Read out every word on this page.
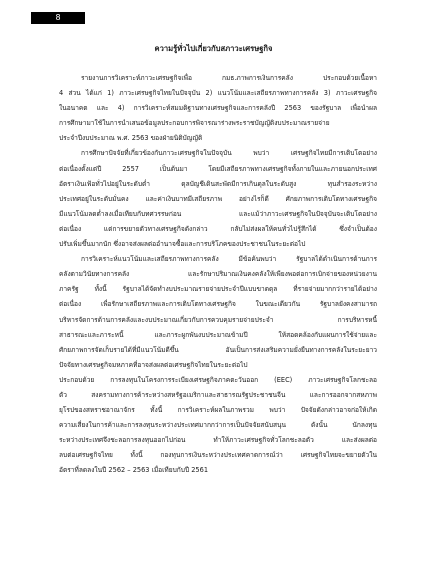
8
ความรู้ทั่วไปเกี่ยวกับสภาวะเศรษฐกิจ
รายงานการวิเคราะห์ภาวะเศรษฐกิจเพื่อ กมธ.ภาพการเงินการคลัง ประกอบด้วยเนื้อหา
4 ส่วน ได้แก่ 1) ภาวะเศรษฐกิจไทยในปัจจุบัน 2) แนวโน้มและเสถียรภาพทางการคลัง 3) ภาวะเศรษฐกิจ
ในอนาคต และ 4) การวิเคราะห์สมมติฐานทางเศรษฐกิจและการคลังปี 2563 ของรัฐบาล เพื่อนำผล
การศึกษามาใช้ในการนำเสนอข้อมูลประกอบการพิจารณาร่างพระราชบัญญัติงบประมาณรายจ่าย
ประจำปีงบประมาณ พ.ศ. 2563 ของฝ่ายนิติบัญญัติ
การศึกษาปัจจัยที่เกี่ยวข้องกับภาวะเศรษฐกิจในปัจจุบัน พบว่า เศรษฐกิจไทยมีการเติบโตอย่าง
ต่อเนื่องตั้งแต่ปี 2557 เป็นต้นมา โดยมีเสถียรภาพทางเศรษฐกิจทั้งภายในและภายนอกประเทศ
อัตราเงินเฟ้อทั่วไปอยู่ในระดับต่ำ ดุลบัญชีเดินสะพัดมีการเกินดุลในระดับสูง ทุนสำรองระหว่าง
ประเทศอยู่ในระดับมั่นคง และค่าเงินบาทมีเสถียรภาพ อย่างไรก็ดี ศักยภาพการเติบโตทางเศรษฐกิจ
มีแนวโน้มลดต่ำลงเมื่อเทียบกับทศวรรษก่อน และแม้ว่าภาวะเศรษฐกิจในปัจจุบันจะเติบโตอย่าง
ต่อเนื่อง แต่การขยายตัวทางเศรษฐกิจดังกล่าว กลับไม่ส่งผลให้คนทั่วไปรู้สึกได้ ซึ่งจำเป็นต้อง
ปรับเพิ่มขึ้นมากนัก ซึ่งอาจส่งผลต่ออำนาจซื้อและการบริโภคของประชาชนในระยะต่อไป
การวิเคราะห์แนวโน้มและเสถียรภาพทางการคลัง มีข้อค้นพบว่า รัฐบาลได้ดำเนินการด้านการ
คลังตามวินัยทางการคลัง และรักษาปริมาณเงินคงคลังให้เพียงพอต่อการเบิกจ่ายของหน่วยงาน
ภาครัฐ ทั้งนี้ รัฐบาลได้จัดทำงบประมาณรายจ่ายประจำปีแบบขาดดุล ที่รายจ่ายมากกว่ารายได้อย่าง
ต่อเนื่อง เพื่อรักษาเสถียรภาพและการเติบโตทางเศรษฐกิจ ในขณะเดียวกัน รัฐบาลยังคงสามารถ
บริหารจัดการด้านการคลังและงบประมาณเกี่ยวกับการควบคุมรายจ่ายประจำ การบริหารหนี้
สาธารณะและภาระหนี้ และภาระผูกพันงบประมาณข้ามปี ให้สอดคล้องกับแผนการใช้จ่ายและ
ศักยภาพการจัดเก็บรายได้ที่มีแนวโน้มดีขึ้น อันเป็นการส่งเสริมความยั่งยืนทางการคลังในระยะยาว
ปัจจัยทางเศรษฐกิจมหภาคที่อาจส่งผลต่อเศรษฐกิจไทยในระยะต่อไป
ประกอบด้วย การลงทุนในโครงการระเบียงเศรษฐกิจภาคตะวันออก (EEC) ภาวะเศรษฐกิจโลกชะลอ
ตัว สงครามทางการค้าระหว่างสหรัฐอเมริกาและสาธารณรัฐประชาชนจีน และการออกจากสหภาพ
ยุโรปของสหราชอาณาจักร ทั้งนี้ การวิเคราะห์ผลในภาพรวม พบว่า ปัจจัยดังกล่าวอาจก่อให้เกิด
ความเสี่ยงในการค้าและการลงทุนระหว่างประเทศมากกว่าการเป็นปัจจัยสนับสนุน ดังนั้น นักลงทุน
ระหว่างประเทศจึงชะลอการลงทุนออกไปก่อน ทำให้ภาวะเศรษฐกิจทั่วโลกชะลอตัว และส่งผลต่อ
ลบต่อเศรษฐกิจไทย ทั้งนี้ กองทุนการเงินระหว่างประเทศคาดการณ์ว่า เศรษฐกิจไทยจะขยายตัวใน
อัตราที่ลดลงในปี 2562 – 2563 เมื่อเทียบกับปี 2561
